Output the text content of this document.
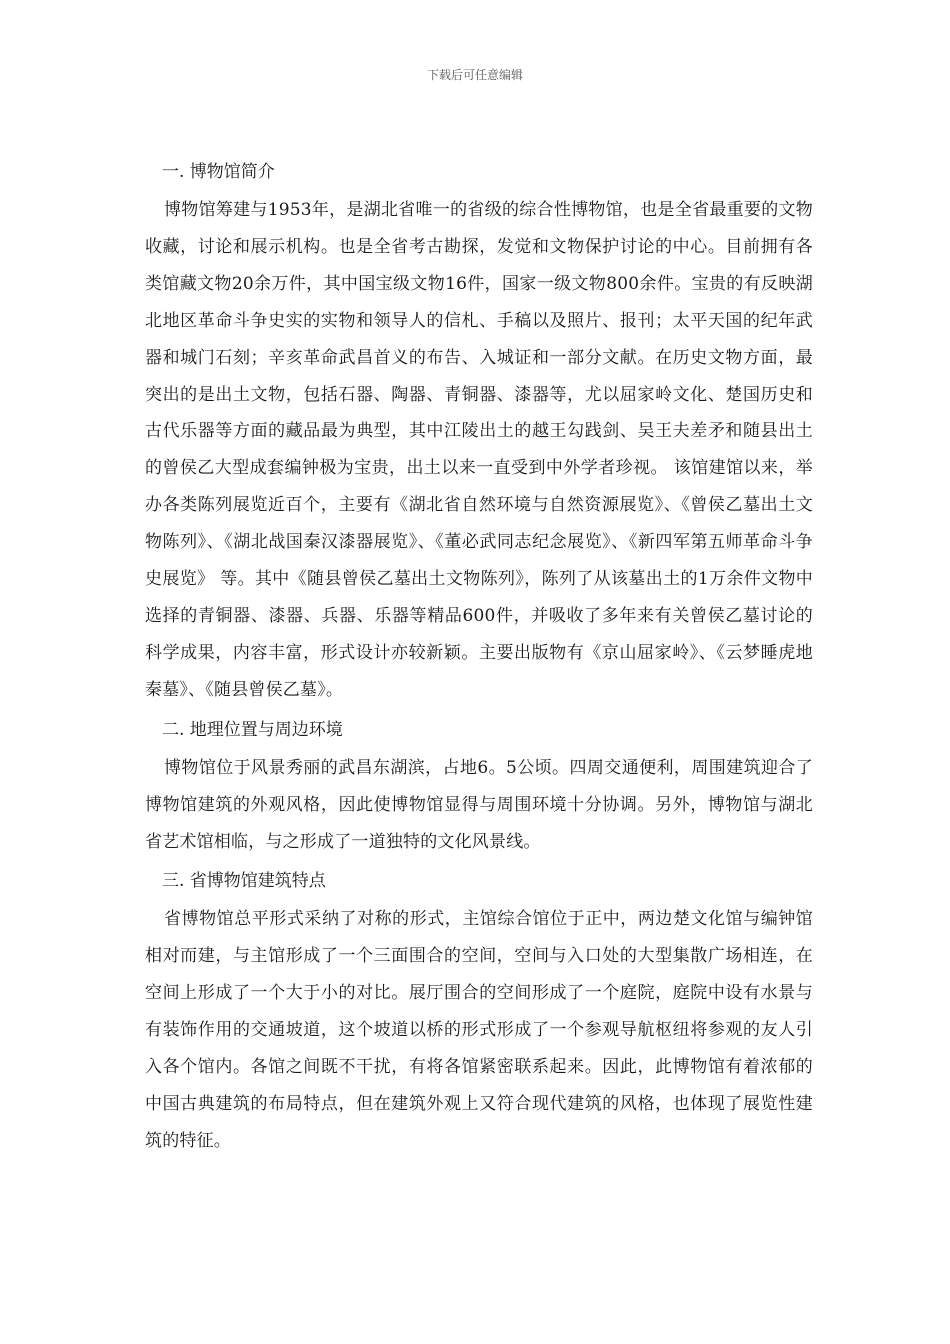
下载后可任意编辑
一. 博物馆简介

博物馆筹建与1953年，是湖北省唯一的省级的综合性博物馆，也是全省最重要的文物收藏，讨论和展示机构。也是全省考古勘探，发觉和文物保护讨论的中心。目前拥有各类馆藏文物20余万件，其中国宝级文物16件，国家一级文物800余件。宝贵的有反映湖北地区革命斗争史实的实物和领导人的信札、手稿以及照片、报刊；太平天国的纪年武器和城门石刻；辛亥革命武昌首义的布告、入城证和一部分文献。在历史文物方面，最突出的是出土文物，包括石器、陶器、青铜器、漆器等，尤以屈家岭文化、楚国历史和古代乐器等方面的藏品最为典型，其中江陵出土的越王勾践剑、吴王夫差矛和随县出土的曾侯乙大型成套编钟极为宝贵，出土以来一直受到中外学者珍视。 该馆建馆以来，举办各类陈列展览近百个，主要有《湖北省自然环境与自然资源展览》、《曾侯乙墓出土文物陈列》、《湖北战国秦汉漆器展览》、《董必武同志纪念展览》、《新四军第五师革命斗争史展览》 等。其中《随县曾侯乙墓出土文物陈列》，陈列了从该墓出土的1万余件文物中选择的青铜器、漆器、兵器、乐器等精品600件，并吸收了多年来有关曾侯乙墓讨论的科学成果，内容丰富，形式设计亦较新颖。主要出版物有《京山屈家岭》、《云梦睡虎地秦墓》、《随县曾侯乙墓》。

二. 地理位置与周边环境

博物馆位于风景秀丽的武昌东湖滨，占地6。5公顷。四周交通便利，周围建筑迎合了博物馆建筑的外观风格，因此使博物馆显得与周围环境十分协调。另外，博物馆与湖北省艺术馆相临，与之形成了一道独特的文化风景线。

三. 省博物馆建筑特点

省博物馆总平形式采纳了对称的形式，主馆综合馆位于正中，两边楚文化馆与编钟馆相对而建，与主馆形成了一个三面围合的空间，空间与入口处的大型集散广场相连，在空间上形成了一个大于小的对比。展厅围合的空间形成了一个庭院，庭院中设有水景与有装饰作用的交通坡道，这个坡道以桥的形式形成了一个参观导航枢纽将参观的友人引入各个馆内。各馆之间既不干扰，有将各馆紧密联系起来。因此，此博物馆有着浓郁的中国古典建筑的布局特点，但在建筑外观上又符合现代建筑的风格，也体现了展览性建筑的特征。
